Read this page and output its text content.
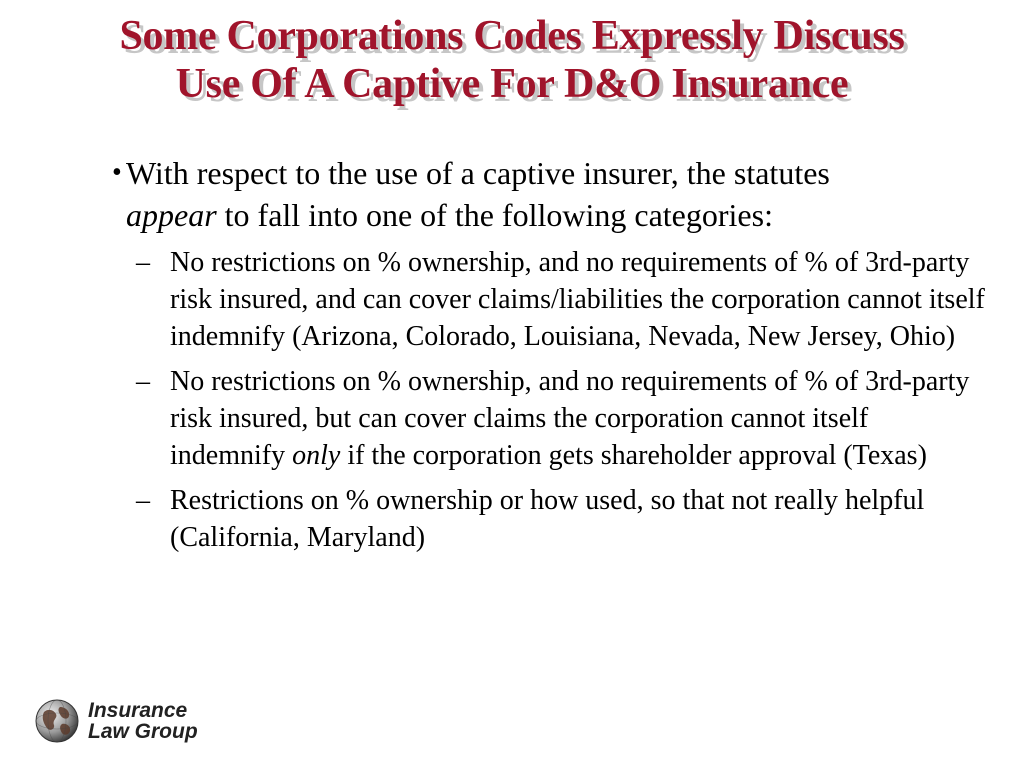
Some Corporations Codes Expressly Discuss
Use Of A Captive For D&O Insurance
• With respect to the use of a captive insurer, the statutes appear to fall into one of the following categories:
– No restrictions on % ownership, and no requirements of % of 3rd-party risk insured, and can cover claims/liabilities the corporation cannot itself indemnify (Arizona, Colorado, Louisiana, Nevada, New Jersey, Ohio)
– No restrictions on % ownership, and no requirements of % of 3rd-party risk insured, but can cover claims the corporation cannot itself indemnify only if the corporation gets shareholder approval (Texas)
– Restrictions on % ownership or how used, so that not really helpful (California, Maryland)
Insurance
Law Group
